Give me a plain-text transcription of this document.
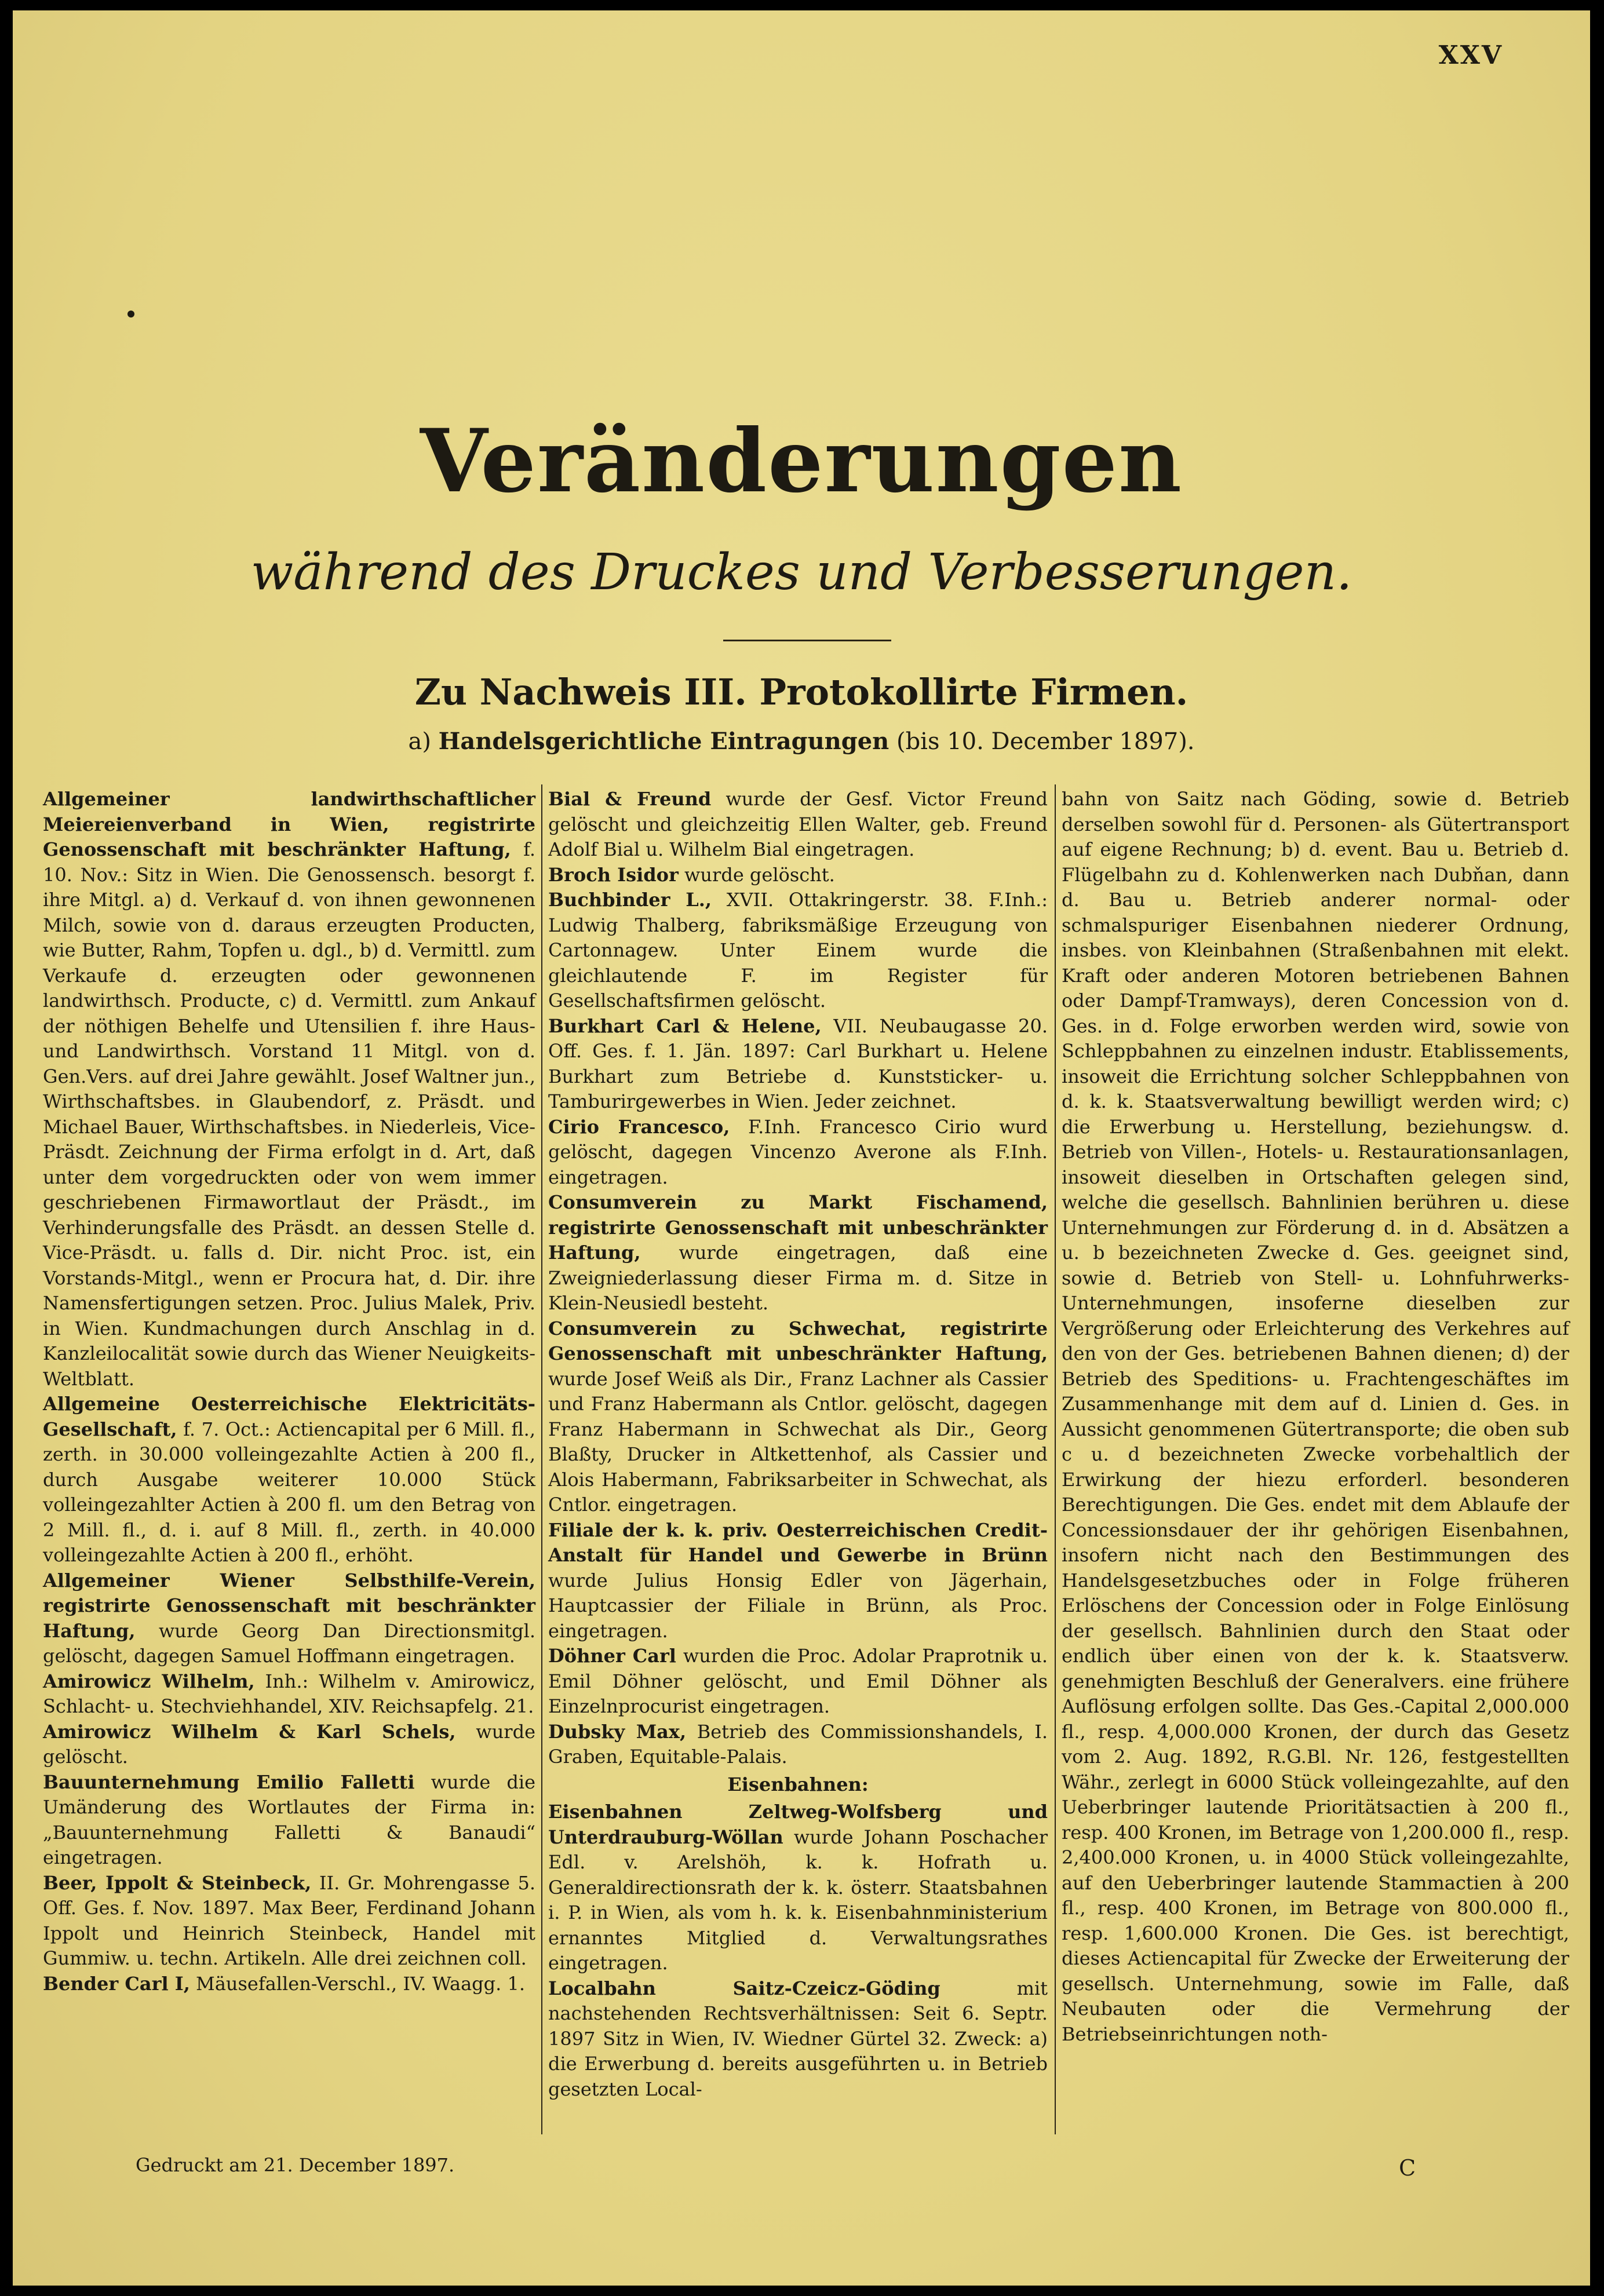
XXV
Veränderungen
während des Druckes und Verbesserungen.
Zu Nachweis III. Protokollirte Firmen.
a) Handelsgerichtliche Eintragungen (bis 10. December 1897).

Allgemeiner landwirthschaftlicher Meiereienverband in Wien, registrirte Genossenschaft mit beschränkter Haftung, f. 10. Nov.: Sitz in Wien. Die Genossensch. besorgt f. ihre Mitgl. a) d. Verkauf d. von ihnen gewonnenen Milch, sowie von d. daraus erzeugten Producten, wie Butter, Rahm, Topfen u. dgl., b) d. Vermittl. zum Verkaufe d. erzeugten oder gewonnenen landwirthsch. Producte, c) d. Vermittl. zum Ankauf der nöthigen Behelfe und Utensilien f. ihre Haus- und Landwirthsch. Vorstand 11 Mitgl. von d. Gen.Vers. auf drei Jahre gewählt. Josef Waltner jun., Wirthschaftsbes. in Glaubendorf, z. Präsdt. und Michael Bauer, Wirthschaftsbes. in Niederleis, Vice-Präsdt. Zeichnung der Firma erfolgt in d. Art, daß unter dem vorgedruckten oder von wem immer geschriebenen Firmawortlaut der Präsdt., im Verhinderungsfalle des Präsdt. an dessen Stelle d. Vice-Präsdt. u. falls d. Dir. nicht Proc. ist, ein Vorstands-Mitgl., wenn er Procura hat, d. Dir. ihre Namensfertigungen setzen. Proc. Julius Malek, Priv. in Wien. Kundmachungen durch Anschlag in d. Kanzleilocalität sowie durch das Wiener Neuigkeits-Weltblatt.

Allgemeine Oesterreichische Elektricitäts-Gesellschaft, f. 7. Oct.: Actiencapital per 6 Mill. fl., zerth. in 30.000 volleingezahlte Actien à 200 fl., durch Ausgabe weiterer 10.000 Stück volleingezahlter Actien à 200 fl. um den Betrag von 2 Mill. fl., d. i. auf 8 Mill. fl., zerth. in 40.000 volleingezahlte Actien à 200 fl., erhöht.

Allgemeiner Wiener Selbsthilfe-Verein, registrirte Genossenschaft mit beschränkter Haftung, wurde Georg Dan Directionsmitgl. gelöscht, dagegen Samuel Hoffmann eingetragen.

Amirowicz Wilhelm, Inh.: Wilhelm v. Amirowicz, Schlacht- u. Stechviehhandel, XIV. Reichsapfelg. 21.

Amirowicz Wilhelm & Karl Schels, wurde gelöscht.

Bauunternehmung Emilio Falletti wurde die Umänderung des Wortlautes der Firma in: „Bauunternehmung Falletti & Banaudi“ eingetragen.

Beer, Ippolt & Steinbeck, II. Gr. Mohrengasse 5. Off. Ges. f. Nov. 1897. Max Beer, Ferdinand Johann Ippolt und Heinrich Steinbeck, Handel mit Gummiw. u. techn. Artikeln. Alle drei zeichnen coll.

Bender Carl I, Mäusefallen-Verschl., IV. Waagg. 1.

Bial & Freund wurde der Gesf. Victor Freund gelöscht und gleichzeitig Ellen Walter, geb. Freund Adolf Bial u. Wilhelm Bial eingetragen.

Broch Isidor wurde gelöscht.

Buchbinder L., XVII. Ottakringerstr. 38. F.Inh.: Ludwig Thalberg, fabriksmäßige Erzeugung von Cartonnagew. Unter Einem wurde die gleichlautende F. im Register für Gesellschaftsfirmen gelöscht.

Burkhart Carl & Helene, VII. Neubaugasse 20. Off. Ges. f. 1. Jän. 1897: Carl Burkhart u. Helene Burkhart zum Betriebe d. Kunststicker- u. Tamburirgewerbes in Wien. Jeder zeichnet.

Cirio Francesco, F.Inh. Francesco Cirio wurd gelöscht, dagegen Vincenzo Averone als F.Inh. eingetragen.

Consumverein zu Markt Fischamend, registrirte Genossenschaft mit unbeschränkter Haftung, wurde eingetragen, daß eine Zweigniederlassung dieser Firma m. d. Sitze in Klein-Neusiedl besteht.

Consumverein zu Schwechat, registrirte Genossenschaft mit unbeschränkter Haftung, wurde Josef Weiß als Dir., Franz Lachner als Cassier und Franz Habermann als Cntlor. gelöscht, dagegen Franz Habermann in Schwechat als Dir., Georg Blaßty, Drucker in Altkettenhof, als Cassier und Alois Habermann, Fabriksarbeiter in Schwechat, als Cntlor. eingetragen.

Filiale der k. k. priv. Oesterreichischen Credit-Anstalt für Handel und Gewerbe in Brünn wurde Julius Honsig Edler von Jägerhain, Hauptcassier der Filiale in Brünn, als Proc. eingetragen.

Döhner Carl wurden die Proc. Adolar Praprotnik u. Emil Döhner gelöscht, und Emil Döhner als Einzelnprocurist eingetragen.

Dubsky Max, Betrieb des Commissionshandels, I. Graben, Equitable-Palais.

Eisenbahnen:

Eisenbahnen Zeltweg-Wolfsberg und Unterdrauburg-Wöllan wurde Johann Poschacher Edl. v. Arelshöh, k. k. Hofrath u. Generaldirectionsrath der k. k. österr. Staatsbahnen i. P. in Wien, als vom h. k. k. Eisenbahnministerium ernanntes Mitglied d. Verwaltungsrathes eingetragen.

Localbahn Saitz-Czeicz-Göding	mit nachstehenden Rechtsverhältnissen: Seit 6. Septr. 1897 Sitz in Wien, IV. Wiedner Gürtel 32. Zweck: a) die Erwerbung d. bereits ausgeführten u. in Betrieb gesetzten Local-

bahn von Saitz nach Göding, sowie d. Betrieb derselben sowohl für d. Personen- als Gütertransport auf eigene Rechnung; b) d. event. Bau u. Betrieb d. Flügelbahn zu d. Kohlenwerken nach Dubňan, dann d. Bau u. Betrieb anderer normal- oder schmalspuriger Eisenbahnen niederer Ordnung, insbes. von Kleinbahnen (Straßenbahnen mit elekt. Kraft oder anderen Motoren betriebenen Bahnen oder Dampf-Tramways), deren Concession von d. Ges. in d. Folge erworben werden wird, sowie von Schleppbahnen zu einzelnen industr. Etablissements, insoweit die Errichtung solcher Schleppbahnen von d. k. k. Staatsverwaltung bewilligt werden wird; c) die Erwerbung u. Herstellung, beziehungsw. d. Betrieb von Villen-, Hotels- u. Restaurationsanlagen, insoweit dieselben in Ortschaften gelegen sind, welche die gesellsch. Bahnlinien berühren u. diese Unternehmungen zur Förderung d. in d. Absätzen a u. b bezeichneten Zwecke d. Ges. geeignet sind, sowie d. Betrieb von Stell- u. Lohnfuhrwerks-Unternehmungen, insoferne dieselben zur Vergrößerung oder Erleichterung des Verkehres auf den von der Ges. betriebenen Bahnen dienen; d) der Betrieb des Speditions- u. Frachtengeschäftes im Zusammenhange mit dem auf d. Linien d. Ges. in Aussicht genommenen Gütertransporte; die oben sub c u. d bezeichneten Zwecke vorbehaltlich der Erwirkung der hiezu erforderl. besonderen Berechtigungen. Die Ges. endet mit dem Ablaufe der Concessionsdauer der ihr gehörigen Eisenbahnen, insofern nicht nach den Bestimmungen des Handelsgesetzbuches oder in Folge früheren Erlöschens der Concession oder in Folge Einlösung der gesellsch. Bahnlinien durch den Staat oder endlich über einen von der k. k. Staatsverw. genehmigten Beschluß der Generalvers. eine frühere Auflösung erfolgen sollte. Das Ges.-Capital 2,000.000 fl., resp. 4,000.000 Kronen, der durch das Gesetz vom 2. Aug. 1892, R.G.Bl. Nr. 126, festgestellten Währ., zerlegt in 6000 Stück volleingezahlte, auf den Ueberbringer lautende Prioritätsactien à 200 fl., resp. 400 Kronen, im Betrage von 1,200.000 fl., resp. 2,400.000 Kronen, u. in 4000 Stück volleingezahlte, auf den Ueberbringer lautende Stammactien à 200 fl., resp. 400 Kronen, im Betrage von 800.000 fl., resp. 1,600.000 Kronen. Die Ges. ist berechtigt, dieses Actiencapital für Zwecke der Erweiterung der gesellsch. Unternehmung, sowie im Falle, daß Neubauten oder die Vermehrung der Betriebseinrichtungen noth-

Gedruckt am 21. December 1897.	C
